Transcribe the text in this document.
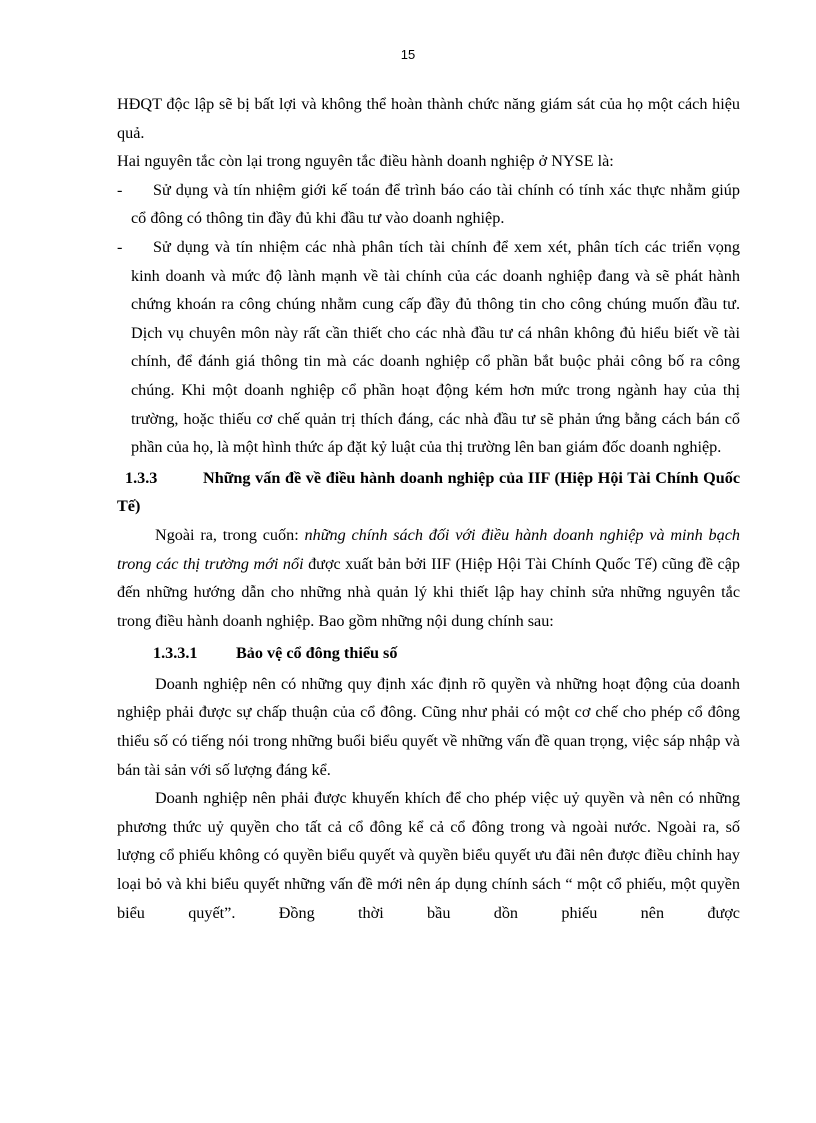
15

HĐQT độc lập sẽ bị bất lợi và không thể hoàn thành chức năng giám sát của họ một cách hiệu quả.

Hai nguyên tắc còn lại trong nguyên tắc điều hành doanh nghiệp ở NYSE là:

- Sử dụng và tín nhiệm giới kế toán để trình báo cáo tài chính có tính xác thực nhằm giúp cổ đông có thông tin đầy đủ khi đầu tư vào doanh nghiệp.

- Sử dụng và tín nhiệm các nhà phân tích tài chính để xem xét, phân tích các triển vọng kinh doanh và mức độ lành mạnh về tài chính của các doanh nghiệp đang và sẽ phát hành chứng khoán ra công chúng nhằm cung cấp đầy đủ thông tin cho công chúng muốn đầu tư. Dịch vụ chuyên môn này rất cần thiết cho các nhà đầu tư cá nhân không đủ hiểu biết về tài chính, để đánh giá thông tin mà các doanh nghiệp cổ phần bắt buộc phải công bố ra công chúng. Khi một doanh nghiệp cổ phần hoạt động kém hơn mức trong ngành hay của thị trường, hoặc thiếu cơ chế quản trị thích đáng, các nhà đầu tư sẽ phản ứng bằng cách bán cổ phần của họ, là một hình thức áp đặt kỷ luật của thị trường lên ban giám đốc doanh nghiệp.

1.3.3	Những vấn đề về điều hành doanh nghiệp của IIF (Hiệp Hội Tài Chính Quốc Tế)

Ngoài ra, trong cuốn: những chính sách đối với điều hành doanh nghiệp và minh bạch trong các thị trường mới nổi được xuất bản bởi IIF (Hiệp Hội Tài Chính Quốc Tế) cũng đề cập đến những hướng dẫn cho những nhà quản lý khi thiết lập hay chỉnh sửa những nguyên tắc trong điều hành doanh nghiệp. Bao gồm những nội dung chính sau:

1.3.3.1 Bảo vệ cổ đông thiểu số

Doanh nghiệp nên có những quy định xác định rõ quyền và những hoạt động của doanh nghiệp phải được sự chấp thuận của cổ đông. Cũng như phải có một cơ chế cho phép cổ đông thiểu số có tiếng nói trong những buổi biểu quyết về những vấn đề quan trọng, việc sáp nhập và bán tài sản với số lượng đáng kể.

Doanh nghiệp nên phải được khuyến khích để cho phép việc uỷ quyền và nên có những phương thức uỷ quyền cho tất cả cổ đông kể cả cổ đông trong và ngoài nước. Ngoài ra, số lượng cổ phiếu không có quyền biểu quyết và quyền biểu quyết ưu đãi nên được điều chỉnh hay loại bỏ và khi biểu quyết những vấn đề mới nên áp dụng chính sách “ một cổ phiếu, một quyền biểu quyết”. Đồng thời bầu dồn phiếu nên được
